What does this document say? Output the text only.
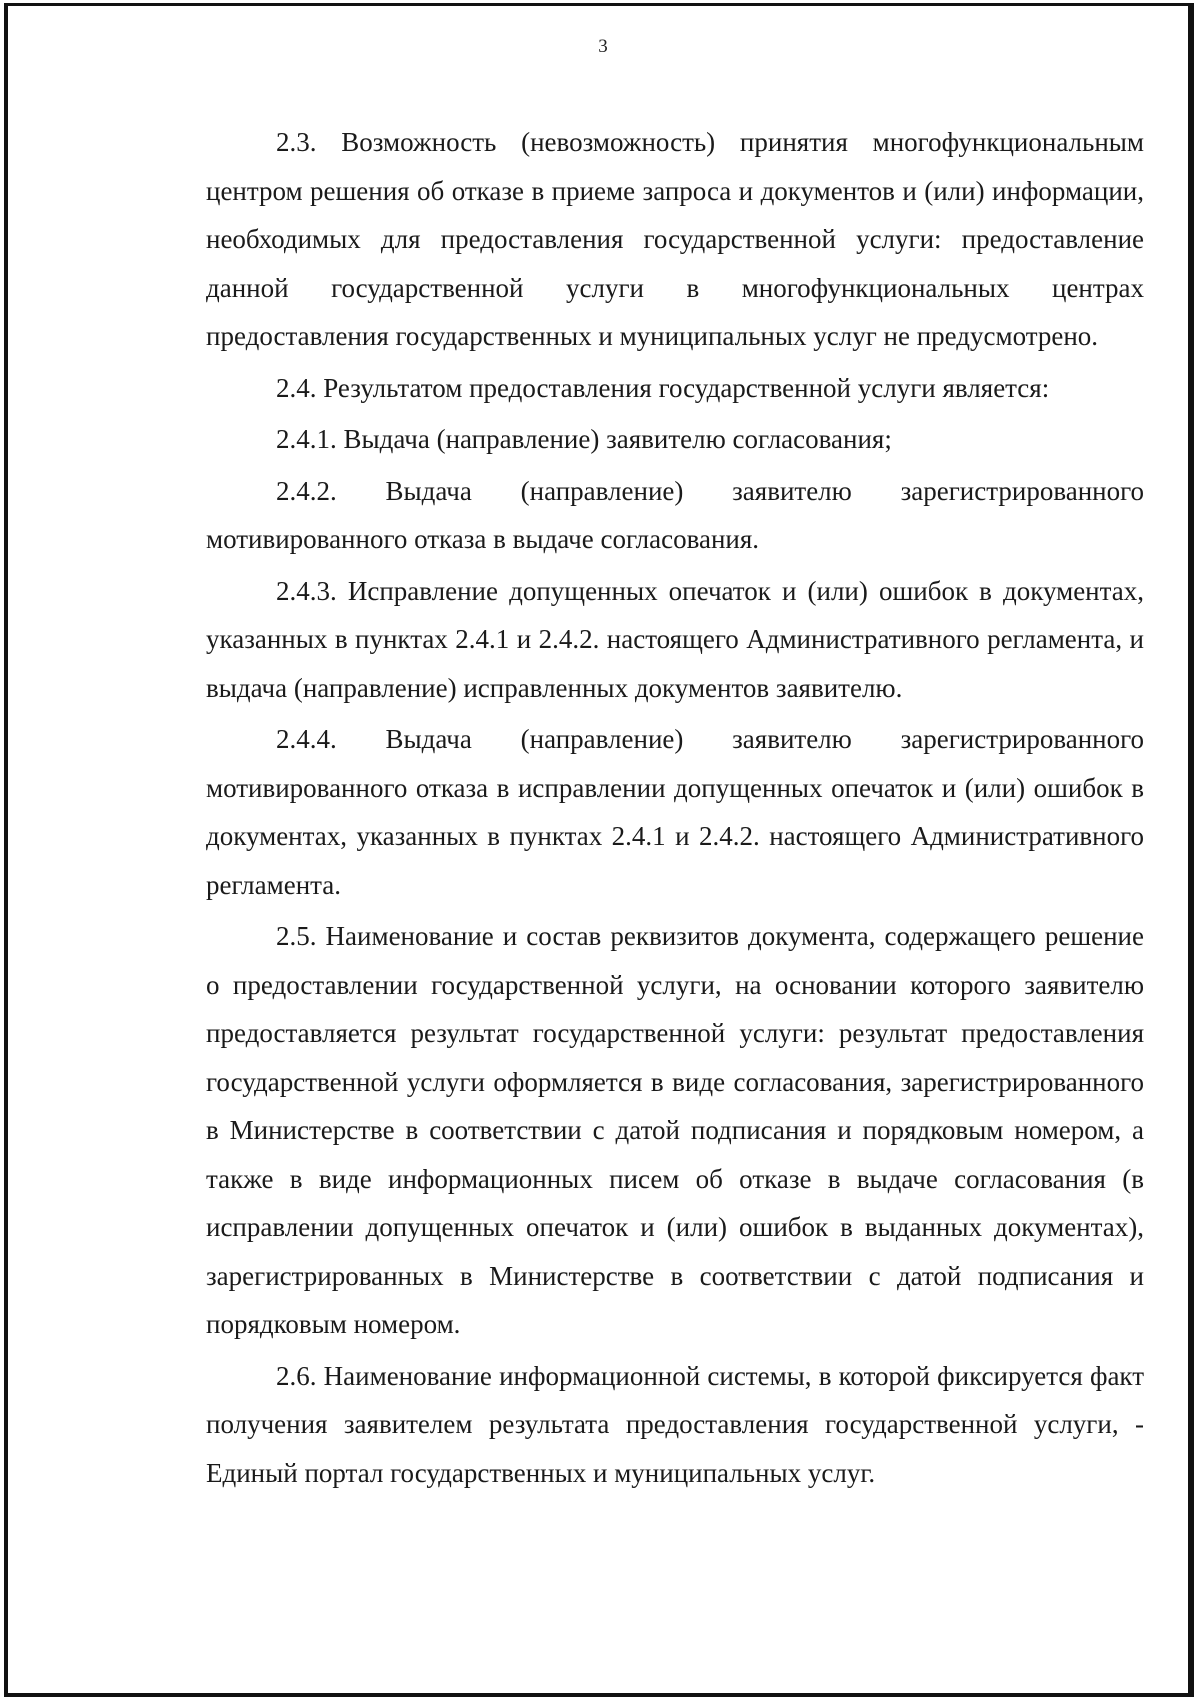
3

2.3. Возможность (невозможность) принятия многофункциональным центром решения об отказе в приеме запроса и документов и (или) информации, необходимых для предоставления государственной услуги: предоставление данной государственной услуги в многофункциональных центрах предоставления государственных и муниципальных услуг не предусмотрено.

2.4. Результатом предоставления государственной услуги является:

2.4.1. Выдача (направление) заявителю согласования;

2.4.2. Выдача (направление) заявителю зарегистрированного мотивированного отказа в выдаче согласования.

2.4.3. Исправление допущенных опечаток и (или) ошибок в документах, указанных в пунктах 2.4.1 и 2.4.2. настоящего Административного регламента, и выдача (направление) исправленных документов заявителю.

2.4.4. Выдача (направление) заявителю зарегистрированного мотивированного отказа в исправлении допущенных опечаток и (или) ошибок в документах, указанных в пунктах 2.4.1 и 2.4.2. настоящего Административного регламента.

2.5. Наименование и состав реквизитов документа, содержащего решение о предоставлении государственной услуги, на основании которого заявителю предоставляется результат государственной услуги: результат предоставления государственной услуги оформляется в виде согласования, зарегистрированного в Министерстве в соответствии с датой подписания и порядковым номером, а также в виде информационных писем об отказе в выдаче согласования (в исправлении допущенных опечаток и (или) ошибок в выданных документах), зарегистрированных в Министерстве в соответствии с датой подписания и порядковым номером.

2.6. Наименование информационной системы, в которой фиксируется факт получения заявителем результата предоставления государственной услуги, - Единый портал государственных и муниципальных услуг.
